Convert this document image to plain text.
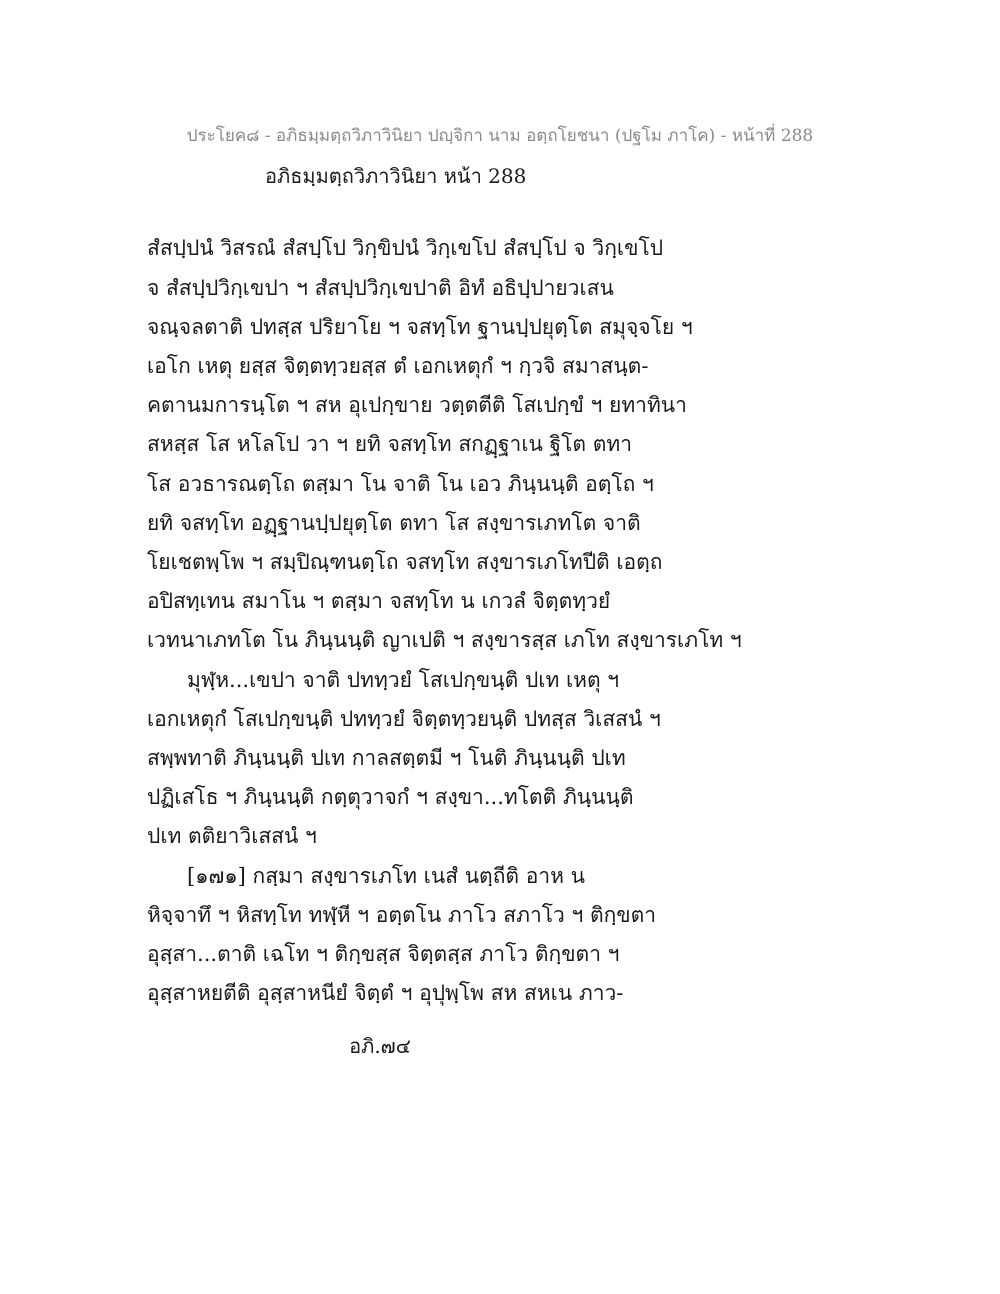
ประโยค๘ - อภิธมฺมตฺถวิภาวินิยา ปญฺจิกา นาม อตฺถโยชนา (ปฐโม ภาโค) - หน้าที่ 288
อภิธมฺมตฺถวิภาวินิยา หน้า 288
สํสปฺปนํ วิสรณํ สํสปฺโป วิกฺขิปนํ วิกฺเขโป สํสปฺโป จ วิกฺเขโป
จ สํสปฺปวิกฺเขปา ฯ สํสปฺปวิกฺเขปาติ อิทํ อธิปฺปายวเสน
จณฺจลตาติ ปทสฺส ปริยาโย ฯ จสทฺโท ฐานปฺปยุตฺโต สมุจฺจโย ฯ
เอโก เหตุ ยสฺส จิตฺตทฺวยสฺส ตํ เอกเหตุกํ ฯ กฺวจิ สมาสนฺต-
คตานมการนฺโต ฯ สห อุเปกฺขาย วตฺตตีติ โสเปกฺขํ ฯ ยทาทินา
สหสฺส โส หโลโป วา ฯ ยทิ จสทฺโท สกฏฺฐาเน ฐิโต ตทา
โส อวธารณตฺโถ ตสฺมา โน จาติ โน เอว ภินฺนนฺติ อตฺโถ ฯ
ยทิ จสทฺโท อฏฺฐานปฺปยุตฺโต ตทา โส สงฺขารเภทโต จาติ
โยเชตพฺโพ ฯ สมฺปิณฺฑนตฺโถ จสทฺโท สงฺขารเภโทปีติ เอตฺถ
อปิสทฺเทน สมาโน ฯ ตสฺมา จสทฺโท น เกวลํ จิตฺตทฺวยํ
เวทนาเภทโต โน ภินฺนนฺติ ญาเปติ ฯ สงฺขารสฺส เภโท สงฺขารเภโท ฯ
มุฬฺห...เขปา จาติ ปททฺวยํ โสเปกฺขนฺติ ปเท เหตุ ฯ
เอกเหตุกํ โสเปกฺขนฺติ ปททฺวยํ จิตฺตทฺวยนฺติ ปทสฺส วิเสสนํ ฯ
สพฺพทาติ ภินฺนนฺติ ปเท กาลสตฺตมี ฯ โนติ ภินฺนนฺติ ปเท
ปฏิเสโธ ฯ ภินฺนนฺติ กตฺตุวาจกํ ฯ สงฺขา...ทโตติ ภินฺนนฺติ
ปเท ตติยาวิเสสนํ ฯ
[๑๗๑] กสฺมา สงฺขารเภโท เนสํ นตฺถีติ อาห น
หิจฺจาทึ ฯ หิสทฺโท ทฬฺหี ฯ อตฺตโน ภาโว สภาโว ฯ ติกฺขตา
อุสฺสา...ตาติ เฉโท ฯ ติกฺขสฺส จิตฺตสฺส ภาโว ติกฺขตา ฯ
อุสฺสาหยตีติ อุสฺสาหนียํ จิตฺตํ ฯ อุปุพฺโพ สห สหเน ภาว-
อภิ.๗๔
